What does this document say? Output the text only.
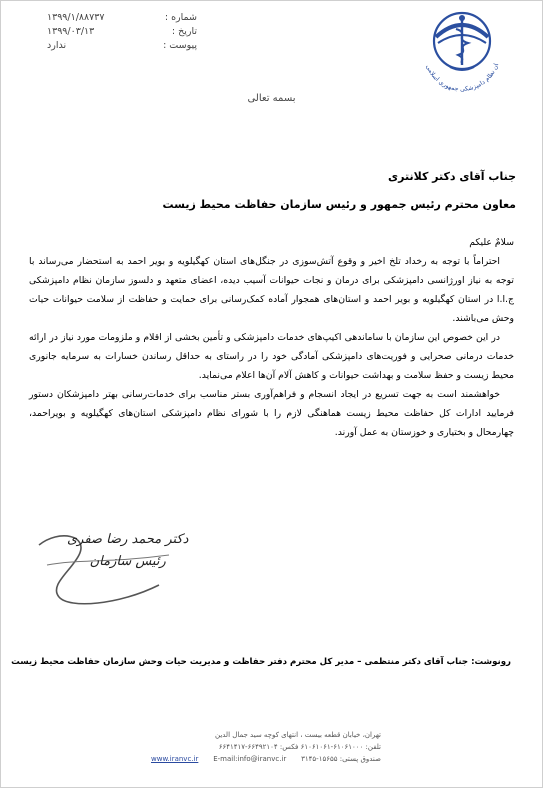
شماره :
۱۳۹۹/۱/۸۸۷۳۷
تاریخ :
۱۳۹۹/۰۳/۱۳
پیوست :
ندارد
ان نظام دامپزشکی جمهوری اسلامی
بسمه تعالی
جناب آقای دکتر کلانتری
معاون محترم رئیس جمهور و رئیس سازمان حفاظت محیط زیست

سلامٌ علیکم

احتراماً با توجه به رخداد تلخ اخیر و وقوع آتش‌سوزی در جنگل‌های استان کهگیلویه و بویر احمد به استحضار می‌رساند با توجه به نیاز اورژانسی دامپزشکی برای درمان و نجات حیوانات آسیب دیده، اعضای متعهد و دلسوز سازمان نظام دامپزشکی ج.ا.ا در استان کهگیلویه و بویر احمد و استان‌های همجوار آماده کمک‌رسانی برای حمایت و حفاظت از سلامت حیوانات حیات وحش می‌باشند.

در این خصوص این سازمان با ساماندهی اکیپ‌های خدمات دامپزشکی و تأمین بخشی از اقلام و ملزومات مورد نیاز در ارائه خدمات درمانی صحرایی و فوریت‌های دامپزشکی آمادگی خود را در راستای به حداقل رساندن خسارات به سرمایه جانوری محیط زیست و حفظ سلامت و بهداشت حیوانات و کاهش آلام آن‌ها اعلام می‌نماید.

خواهشمند است به جهت تسریع در ایجاد انسجام و فراهم‌آوری بستر مناسب برای خدمات‌رسانی بهتر دامپزشکان دستور فرمایید ادارات کل حفاظت محیط زیست هماهنگی لازم را با شورای نظام دامپزشکی استان‌های کهگیلویه و بویراحمد، چهارمحال و بختیاری و خوزستان به عمل آورند.

دکتر محمد رضا صفری
رئیس سازمان
رونوشت: جناب آقای دکتر منتظمی – مدیر کل محترم دفتر حفاظت و مدیریت حیات وحش سازمان حفاظت محیط زیست
تهران، خیابان قطعه بیست ، انتهای کوچه سید جمال الدین
تلفن: ۶۱۰۶۱۰۰۰-۶۱۰۶۱۰۶۱ فکس: ۶۶۴۹۲۱۰۴-۶۶۴۱۴۱۷
www.iranvc.ir E-mail:info@iranvc.ir صندوق پستی: ۱۵۶۵۵-۳۱۴۵
